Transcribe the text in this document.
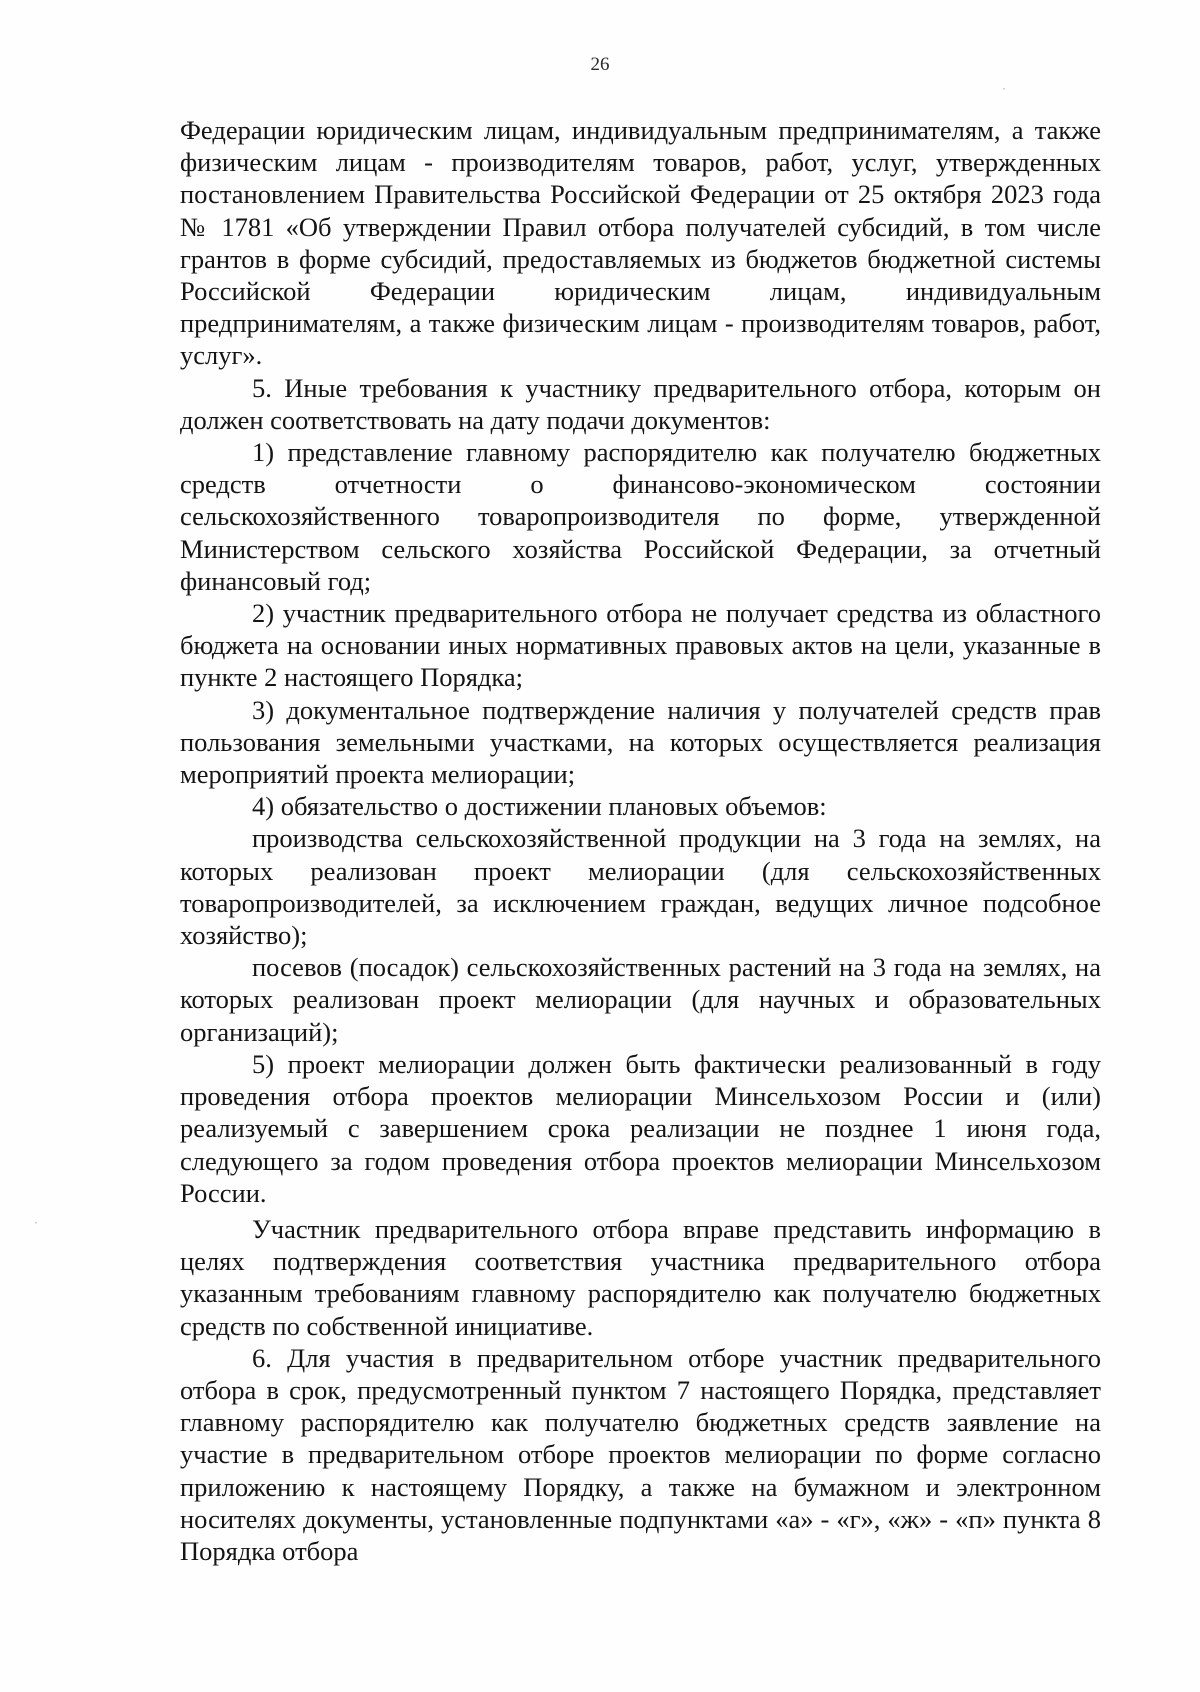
26

Федерации юридическим лицам, индивидуальным предпринимателям, а также физическим лицам - производителям товаров, работ, услуг, утвержденных постановлением Правительства Российской Федерации от 25 октября 2023 года № 1781 «Об утверждении Правил отбора получателей субсидий, в том числе грантов в форме субсидий, предоставляемых из бюджетов бюджетной системы Российской Федерации юридическим лицам, индивидуальным предпринимателям, а также физическим лицам - производителям товаров, работ, услуг».

5. Иные требования к участнику предварительного отбора, которым он должен соответствовать на дату подачи документов:

1) представление главному распорядителю как получателю бюджетных средств отчетности о финансово-экономическом состоянии сельскохозяйственного товаропроизводителя по форме, утвержденной Министерством сельского хозяйства Российской Федерации, за отчетный финансовый год;

2) участник предварительного отбора не получает средства из областного бюджета на основании иных нормативных правовых актов на цели, указанные в пункте 2 настоящего Порядка;

3) документальное подтверждение наличия у получателей средств прав пользования земельными участками, на которых осуществляется реализация мероприятий проекта мелиорации;

4) обязательство о достижении плановых объемов:

производства сельскохозяйственной продукции на 3 года на землях, на которых реализован проект мелиорации (для сельскохозяйственных товаропроизводителей, за исключением граждан, ведущих личное подсобное хозяйство);

посевов (посадок) сельскохозяйственных растений на 3 года на землях, на которых реализован проект мелиорации (для научных и образовательных организаций);

5) проект мелиорации должен быть фактически реализованный в году проведения отбора проектов мелиорации Минсельхозом России и (или) реализуемый с завершением срока реализации не позднее 1 июня года, следующего за годом проведения отбора проектов мелиорации Минсельхозом России.

Участник предварительного отбора вправе представить информацию в целях подтверждения соответствия участника предварительного отбора указанным требованиям главному распорядителю как получателю бюджетных средств по собственной инициативе.

6. Для участия в предварительном отборе участник предварительного отбора в срок, предусмотренный пунктом 7 настоящего Порядка, представляет главному распорядителю как получателю бюджетных средств заявление на участие в предварительном отборе проектов мелиорации по форме согласно приложению к настоящему Порядку, а также на бумажном и электронном носителях документы, установленные подпунктами «а» - «г», «ж» - «п» пункта 8 Порядка отбора

·
·
